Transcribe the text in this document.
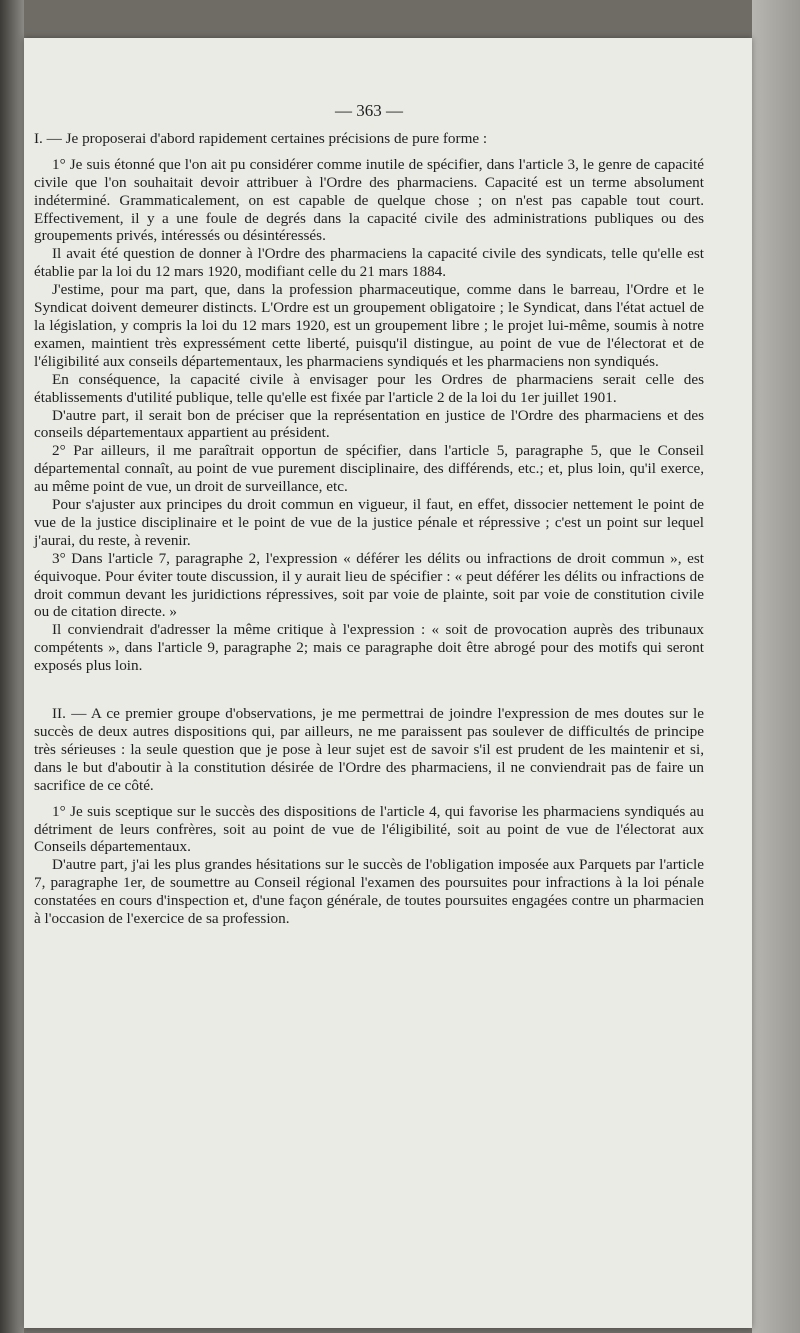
— 363 —

I. — Je proposerai d'abord rapidement certaines précisions de pure forme :

1° Je suis étonné que l'on ait pu considérer comme inutile de spécifier, dans l'article 3, le genre de capacité civile que l'on souhaitait devoir attribuer à l'Ordre des pharmaciens. Capacité est un terme absolument indéterminé. Grammaticalement, on est capable de quelque chose ; on n'est pas capable tout court. Effectivement, il y a une foule de degrés dans la capacité civile des administrations publiques ou des groupements privés, intéressés ou désintéressés.

Il avait été question de donner à l'Ordre des pharmaciens la capacité civile des syndicats, telle qu'elle est établie par la loi du 12 mars 1920, modifiant celle du 21 mars 1884.

J'estime, pour ma part, que, dans la profession pharmaceutique, comme dans le barreau, l'Ordre et le Syndicat doivent demeurer distincts. L'Ordre est un groupement obligatoire ; le Syndicat, dans l'état actuel de la législation, y compris la loi du 12 mars 1920, est un groupement libre ; le projet lui-même, soumis à notre examen, maintient très expressément cette liberté, puisqu'il distingue, au point de vue de l'électorat et de l'éligibilité aux conseils départementaux, les pharmaciens syndiqués et les pharmaciens non syndiqués.

En conséquence, la capacité civile à envisager pour les Ordres de pharmaciens serait celle des établissements d'utilité publique, telle qu'elle est fixée par l'article 2 de la loi du 1er juillet 1901.

D'autre part, il serait bon de préciser que la représentation en justice de l'Ordre des pharmaciens et des conseils départementaux appartient au président.

2° Par ailleurs, il me paraîtrait opportun de spécifier, dans l'article 5, paragraphe 5, que le Conseil départemental connaît, au point de vue purement disciplinaire, des différends, etc.; et, plus loin, qu'il exerce, au même point de vue, un droit de surveillance, etc.

Pour s'ajuster aux principes du droit commun en vigueur, il faut, en effet, dissocier nettement le point de vue de la justice disciplinaire et le point de vue de la justice pénale et répressive ; c'est un point sur lequel j'aurai, du reste, à revenir.

3° Dans l'article 7, paragraphe 2, l'expression « déférer les délits ou infractions de droit commun », est équivoque. Pour éviter toute discussion, il y aurait lieu de spécifier : « peut déférer les délits ou infractions de droit commun devant les juridictions répressives, soit par voie de plainte, soit par voie de constitution civile ou de citation directe. »

Il conviendrait d'adresser la même critique à l'expression : « soit de provocation auprès des tribunaux compétents », dans l'article 9, paragraphe 2; mais ce paragraphe doit être abrogé pour des motifs qui seront exposés plus loin.

II. — A ce premier groupe d'observations, je me permettrai de joindre l'expression de mes doutes sur le succès de deux autres dispositions qui, par ailleurs, ne me paraissent pas soulever de difficultés de principe très sérieuses : la seule question que je pose à leur sujet est de savoir s'il est prudent de les maintenir et si, dans le but d'aboutir à la constitution désirée de l'Ordre des pharmaciens, il ne conviendrait pas de faire un sacrifice de ce côté.

1° Je suis sceptique sur le succès des dispositions de l'article 4, qui favorise les pharmaciens syndiqués au détriment de leurs confrères, soit au point de vue de l'éligibilité, soit au point de vue de l'électorat aux Conseils départementaux.

D'autre part, j'ai les plus grandes hésitations sur le succès de l'obligation imposée aux Parquets par l'article 7, paragraphe 1er, de soumettre au Conseil régional l'examen des poursuites pour infractions à la loi pénale constatées en cours d'inspection et, d'une façon générale, de toutes poursuites engagées contre un pharmacien à l'occasion de l'exercice de sa profession.
